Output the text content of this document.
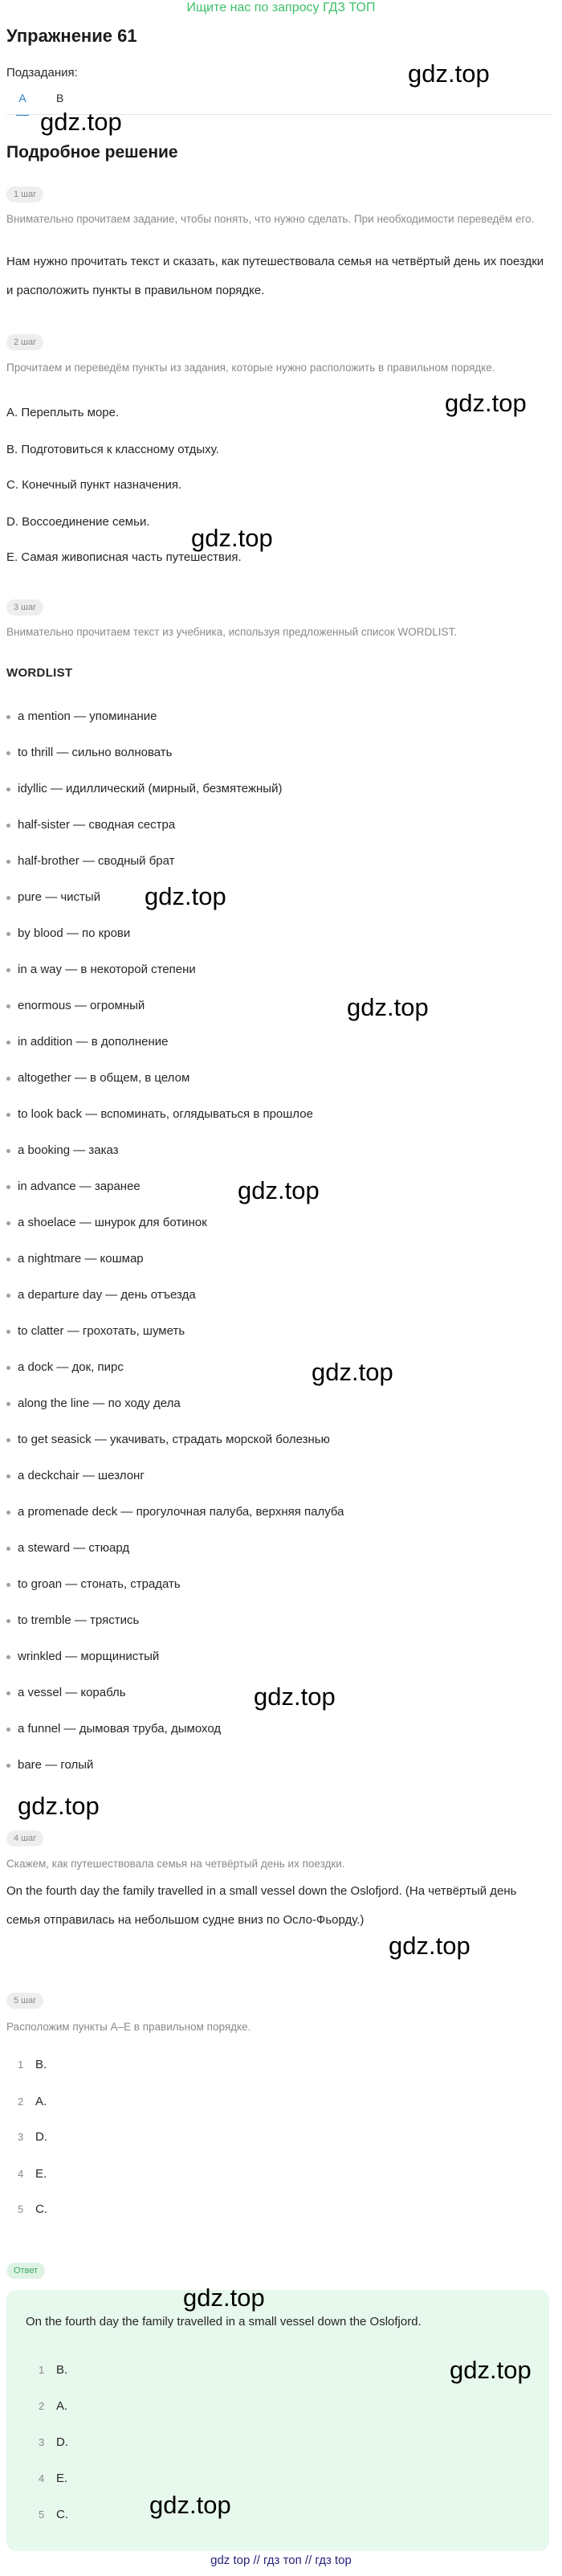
Ищите нас по запросу ГДЗ ТОП
Упражнение 61
Подзадания:
A	B
Подробное решение
1 шаг
Внимательно прочитаем задание, чтобы понять, что нужно сделать. При необходимости переведём его.
Нам нужно прочитать текст и сказать, как путешествовала семья на четвёртый день их поездки и расположить пункты в правильном порядке.
2 шаг
Прочитаем и переведём пункты из задания, которые нужно расположить в правильном порядке.
A. Переплыть море.
B. Подготовиться к классному отдыху.
C. Конечный пункт назначения.
D. Воссоединение семьи.
E. Самая живописная часть путешествия.
3 шаг
Внимательно прочитаем текст из учебника, используя предложенный список WORDLIST.
WORDLIST
a mention — упоминание
to thrill — сильно волновать
idyllic — идиллический (мирный, безмятежный)
half-sister — сводная сестра
half-brother — сводный брат
pure — чистый
by blood — по крови
in a way — в некоторой степени
enormous — огромный
in addition — в дополнение
altogether — в общем, в целом
to look back — вспоминать, оглядываться в прошлое
a booking — заказ
in advance — заранее
a shoelace — шнурок для ботинок
a nightmare — кошмар
a departure day — день отъезда
to clatter — грохотать, шуметь
a dock — док, пирс
along the line — по ходу дела
to get seasick — укачивать, страдать морской болезнью
a deckchair — шезлонг
a promenade deck — прогулочная палуба, верхняя палуба
a steward — стюард
to groan — стонать, страдать
to tremble — трястись
wrinkled — морщинистый
a vessel — корабль
a funnel — дымовая труба, дымоход
bare — голый
4 шаг
Скажем, как путешествовала семья на четвёртый день их поездки.
On the fourth day the family travelled in a small vessel down the Oslofjord. (На четвёртый день семья отправилась на небольшом судне вниз по Осло-Фьорду.)
5 шаг
Расположим пункты A–E в правильном порядке.
1 B.
2 A.
3 D.
4 E.
5 C.
Ответ
On the fourth day the family travelled in a small vessel down the Oslofjord.
1 B.
2 A.
3 D.
4 E.
5 C.
gdz.top
gdz.top
gdz.top
gdz.top
gdz.top
gdz.top
gdz.top
gdz.top
gdz.top
gdz.top
gdz.top
gdz.top
gdz.top
gdz.top
gdz top // гдз топ // гдз top
